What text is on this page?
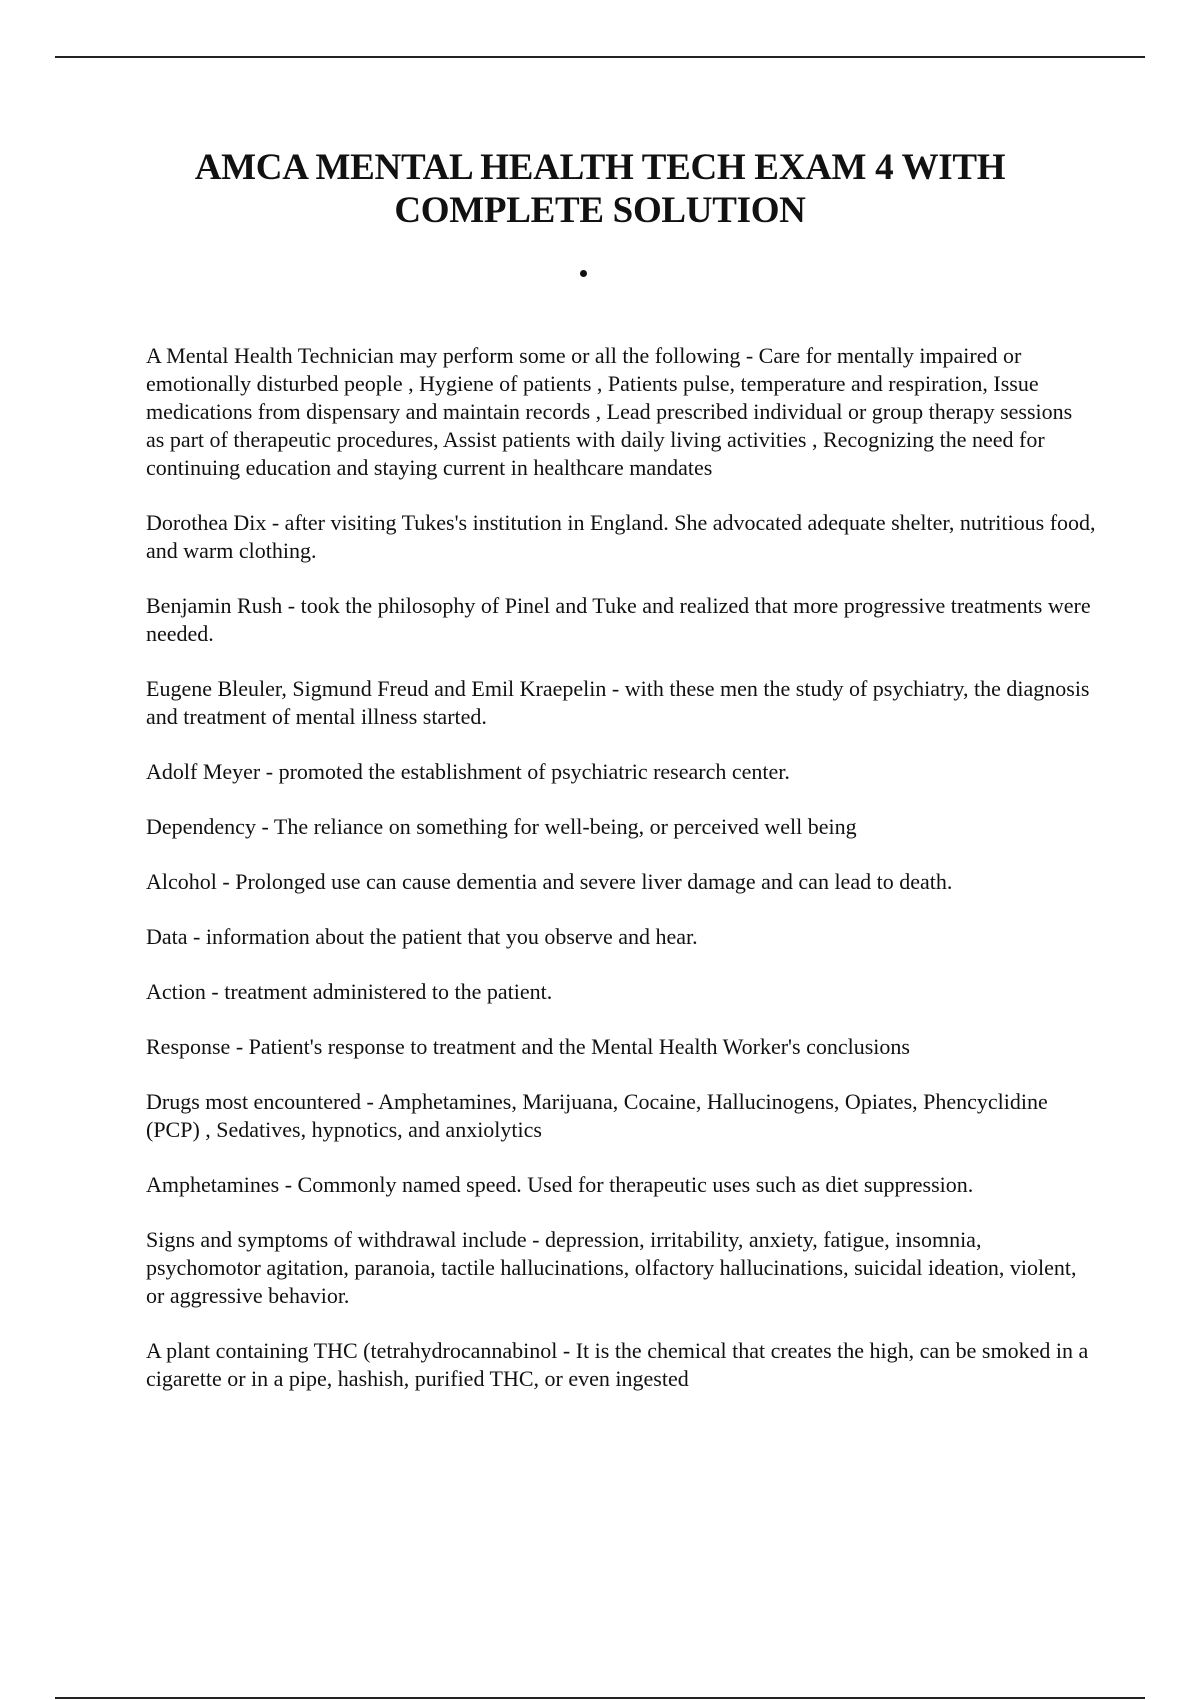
AMCA MENTAL HEALTH TECH EXAM 4 WITH
COMPLETE SOLUTION

A Mental Health Technician may perform some or all the following - Care for mentally impaired or emotionally disturbed people , Hygiene of patients , Patients pulse, temperature and respiration, Issue medications from dispensary and maintain records , Lead prescribed individual or group therapy sessions as part of therapeutic procedures, Assist patients with daily living activities , Recognizing the need for continuing education and staying current in healthcare mandates

Dorothea Dix - after visiting Tukes's institution in England. She advocated adequate shelter, nutritious food, and warm clothing.

Benjamin Rush - took the philosophy of Pinel and Tuke and realized that more progressive treatments were needed.

Eugene Bleuler, Sigmund Freud and Emil Kraepelin - with these men the study of psychiatry, the diagnosis and treatment of mental illness started.

Adolf Meyer - promoted the establishment of psychiatric research center.

Dependency - The reliance on something for well-being, or perceived well being

Alcohol - Prolonged use can cause dementia and severe liver damage and can lead to death.

Data - information about the patient that you observe and hear.

Action - treatment administered to the patient.

Response - Patient's response to treatment and the Mental Health Worker's conclusions

Drugs most encountered - Amphetamines, Marijuana, Cocaine, Hallucinogens, Opiates, Phencyclidine (PCP) , Sedatives, hypnotics, and anxiolytics

Amphetamines - Commonly named speed. Used for therapeutic uses such as diet suppression.

Signs and symptoms of withdrawal include - depression, irritability, anxiety, fatigue, insomnia, psychomotor agitation, paranoia, tactile hallucinations, olfactory hallucinations, suicidal ideation, violent, or aggressive behavior.

A plant containing THC (tetrahydrocannabinol - It is the chemical that creates the high, can be smoked in a cigarette or in a pipe, hashish, purified THC, or even ingested
